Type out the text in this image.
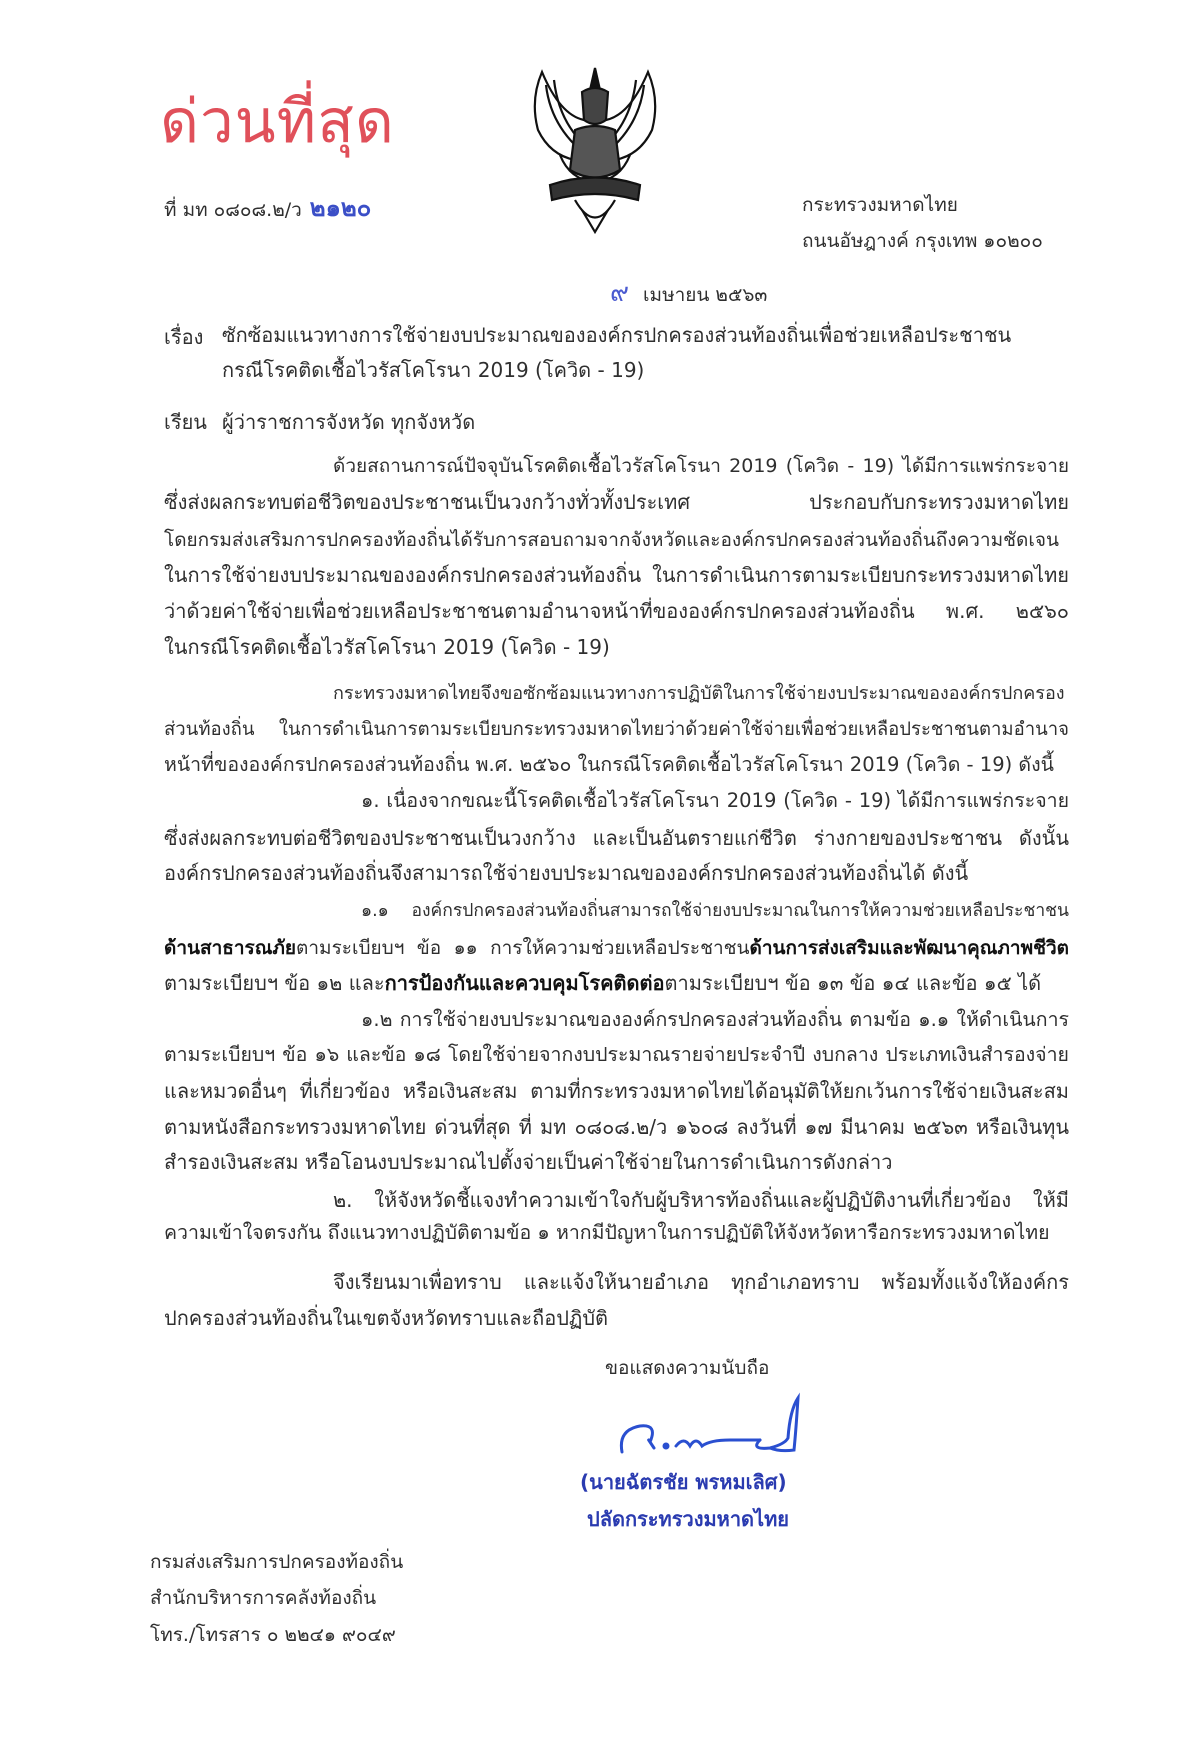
ด่วนที่สุด
ที่ มท ๐๘๐๘.๒/ว ๒๑๒๐	กระทรวงมหาดไทย
ถนนอัษฎางค์ กรุงเทพ ๑๐๒๐๐
๙ เมษายน ๒๕๖๓
เรื่อง ซักซ้อมแนวทางการใช้จ่ายงบประมาณขององค์กรปกครองส่วนท้องถิ่นเพื่อช่วยเหลือประชาชน
กรณีโรคติดเชื้อไวรัสโคโรนา 2019 (โควิด - 19)
เรียน ผู้ว่าราชการจังหวัด ทุกจังหวัด
ด้วยสถานการณ์ปัจจุบันโรคติดเชื้อไวรัสโคโรนา 2019 (โควิด - 19) ได้มีการแพร่กระจาย
ซึ่งส่งผลกระทบต่อชีวิตของประชาชนเป็นวงกว้างทั่วทั้งประเทศ ประกอบกับกระทรวงมหาดไทย
โดยกรมส่งเสริมการปกครองท้องถิ่นได้รับการสอบถามจากจังหวัดและองค์กรปกครองส่วนท้องถิ่นถึงความชัดเจน
ในการใช้จ่ายงบประมาณขององค์กรปกครองส่วนท้องถิ่น ในการดำเนินการตามระเบียบกระทรวงมหาดไทย
ว่าด้วยค่าใช้จ่ายเพื่อช่วยเหลือประชาชนตามอำนาจหน้าที่ขององค์กรปกครองส่วนท้องถิ่น พ.ศ. ๒๕๖๐
ในกรณีโรคติดเชื้อไวรัสโคโรนา 2019 (โควิด - 19)
กระทรวงมหาดไทยจึงขอซักซ้อมแนวทางการปฏิบัติในการใช้จ่ายงบประมาณขององค์กรปกครอง
ส่วนท้องถิ่น ในการดำเนินการตามระเบียบกระทรวงมหาดไทยว่าด้วยค่าใช้จ่ายเพื่อช่วยเหลือประชาชนตามอำนาจ
หน้าที่ขององค์กรปกครองส่วนท้องถิ่น พ.ศ. ๒๕๖๐ ในกรณีโรคติดเชื้อไวรัสโคโรนา 2019 (โควิด - 19) ดังนี้
๑. เนื่องจากขณะนี้โรคติดเชื้อไวรัสโคโรนา 2019 (โควิด - 19) ได้มีการแพร่กระจาย
ซึ่งส่งผลกระทบต่อชีวิตของประชาชนเป็นวงกว้าง และเป็นอันตรายแก่ชีวิต ร่างกายของประชาชน ดังนั้น
องค์กรปกครองส่วนท้องถิ่นจึงสามารถใช้จ่ายงบประมาณขององค์กรปกครองส่วนท้องถิ่นได้ ดังนี้
๑.๑ องค์กรปกครองส่วนท้องถิ่นสามารถใช้จ่ายงบประมาณในการให้ความช่วยเหลือประชาชน
ด้านสาธารณภัยตามระเบียบฯ ข้อ ๑๑ การให้ความช่วยเหลือประชาชนด้านการส่งเสริมและพัฒนาคุณภาพชีวิต
ตามระเบียบฯ ข้อ ๑๒ และการป้องกันและควบคุมโรคติดต่อตามระเบียบฯ ข้อ ๑๓ ข้อ ๑๔ และข้อ ๑๕ ได้
๑.๒ การใช้จ่ายงบประมาณขององค์กรปกครองส่วนท้องถิ่น ตามข้อ ๑.๑ ให้ดำเนินการ
ตามระเบียบฯ ข้อ ๑๖ และข้อ ๑๘ โดยใช้จ่ายจากงบประมาณรายจ่ายประจำปี งบกลาง ประเภทเงินสำรองจ่าย
และหมวดอื่นๆ ที่เกี่ยวข้อง หรือเงินสะสม ตามที่กระทรวงมหาดไทยได้อนุมัติให้ยกเว้นการใช้จ่ายเงินสะสม
ตามหนังสือกระทรวงมหาดไทย ด่วนที่สุด ที่ มท ๐๘๐๘.๒/ว ๑๖๐๘ ลงวันที่ ๑๗ มีนาคม ๒๕๖๓ หรือเงินทุน
สำรองเงินสะสม หรือโอนงบประมาณไปตั้งจ่ายเป็นค่าใช้จ่ายในการดำเนินการดังกล่าว
๒. ให้จังหวัดชี้แจงทำความเข้าใจกับผู้บริหารท้องถิ่นและผู้ปฏิบัติงานที่เกี่ยวข้อง ให้มี
ความเข้าใจตรงกัน ถึงแนวทางปฏิบัติตามข้อ ๑ หากมีปัญหาในการปฏิบัติให้จังหวัดหารือกระทรวงมหาดไทย
จึงเรียนมาเพื่อทราบ และแจ้งให้นายอำเภอ ทุกอำเภอทราบ พร้อมทั้งแจ้งให้องค์กร
ปกครองส่วนท้องถิ่นในเขตจังหวัดทราบและถือปฏิบัติ
ขอแสดงความนับถือ
(นายฉัตรชัย พรหมเลิศ)
ปลัดกระทรวงมหาดไทย
กรมส่งเสริมการปกครองท้องถิ่น
สำนักบริหารการคลังท้องถิ่น
โทร./โทรสาร ๐ ๒๒๔๑ ๙๐๔๙
